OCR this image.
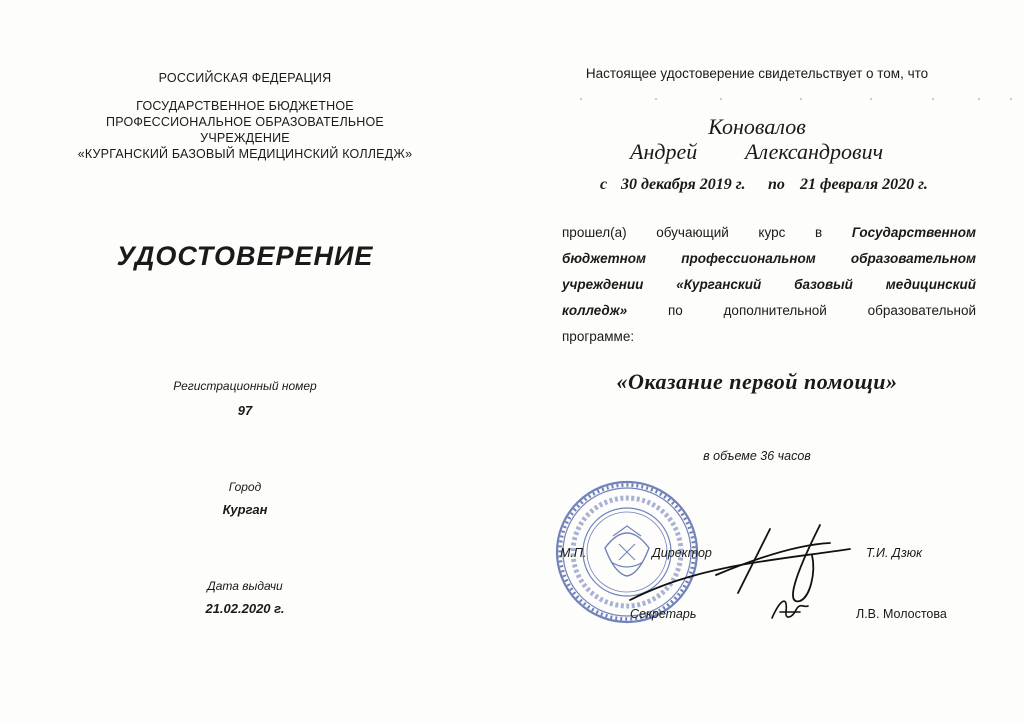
РОССИЙСКАЯ ФЕДЕРАЦИЯ
ГОСУДАРСТВЕННОЕ БЮДЖЕТНОЕ
ПРОФЕССИОНАЛЬНОЕ ОБРАЗОВАТЕЛЬНОЕ
УЧРЕЖДЕНИЕ
«КУРГАНСКИЙ БАЗОВЫЙ МЕДИЦИНСКИЙ КОЛЛЕДЖ»
УДОСТОВЕРЕНИЕ
Регистрационный номер
97
Город
Курган
Дата выдачи
21.02.2020 г.
Настоящее удостоверение свидетельствует о том, что
Коновалов
Андрей Александрович
с 30 декабря 2019 г. по 21 февраля 2020 г.
прошел(а) обучающий курс в Государственном
бюджетном профессиональном образовательном
учреждении «Курганский базовый медицинский
колледж»	по дополнительной образовательной
программе:
«Оказание первой помощи»
в объеме 36 часов
М.П.	Директор	Т.И. Дзюк
Секретарь	Л.В. Молостова
